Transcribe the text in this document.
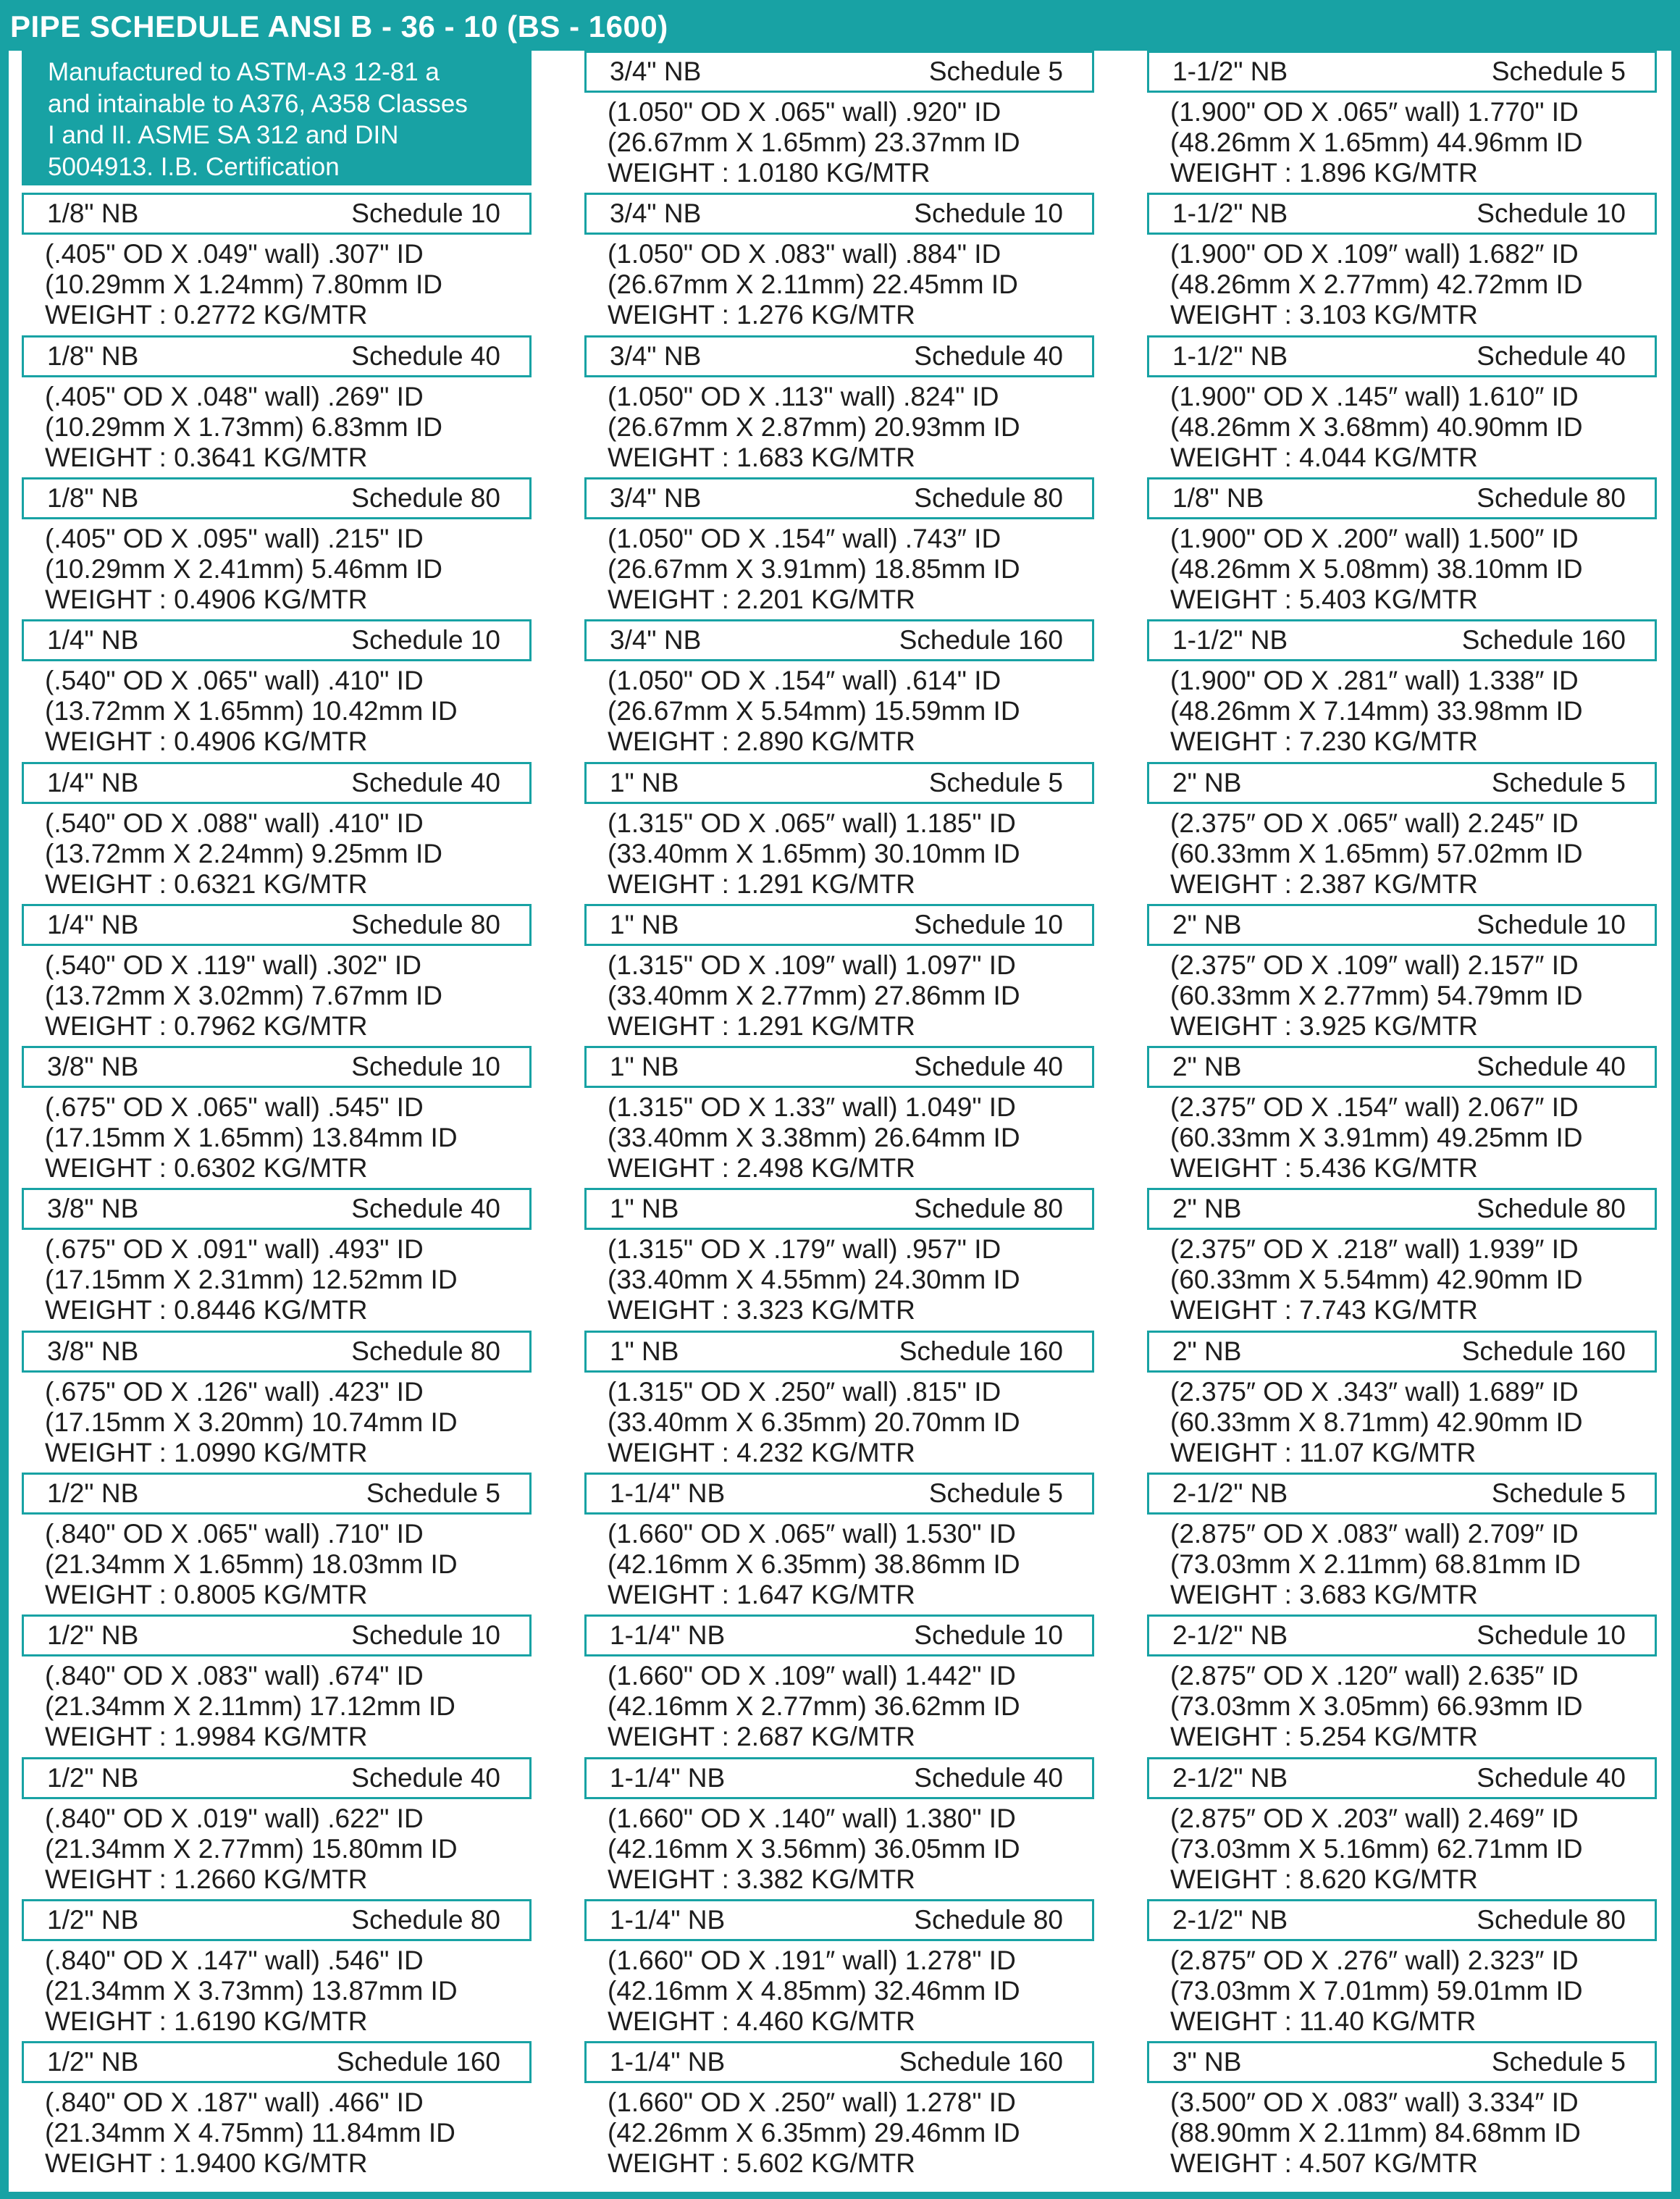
PIPE SCHEDULE ANSI B - 36 - 10 (BS - 1600)
Manufactured to ASTM-A3 12-81 a
and intainable to A376, A358 Classes
I and II. ASME SA 312 and DIN
5004913. I.B. Certification
1/8" NB	Schedule 10
(.405" OD X .049" wall) .307" ID
(10.29mm X 1.24mm) 7.80mm ID
WEIGHT : 0.2772 KG/MTR
1/8" NB	Schedule 40
(.405" OD X .048" wall) .269" ID
(10.29mm X 1.73mm) 6.83mm ID
WEIGHT : 0.3641 KG/MTR
1/8" NB	Schedule 80
(.405" OD X .095" wall) .215" ID
(10.29mm X 2.41mm) 5.46mm ID
WEIGHT : 0.4906 KG/MTR
1/4" NB	Schedule 10
(.540" OD X .065" wall) .410" ID
(13.72mm X 1.65mm) 10.42mm ID
WEIGHT : 0.4906 KG/MTR
1/4" NB	Schedule 40
(.540" OD X .088" wall) .410" ID
(13.72mm X 2.24mm) 9.25mm ID
WEIGHT : 0.6321 KG/MTR
1/4" NB	Schedule 80
(.540" OD X .119" wall) .302" ID
(13.72mm X 3.02mm) 7.67mm ID
WEIGHT : 0.7962 KG/MTR
3/8" NB	Schedule 10
(.675" OD X .065" wall) .545" ID
(17.15mm X 1.65mm) 13.84mm ID
WEIGHT : 0.6302 KG/MTR
3/8" NB	Schedule 40
(.675" OD X .091" wall) .493" ID
(17.15mm X 2.31mm) 12.52mm ID
WEIGHT : 0.8446 KG/MTR
3/8" NB	Schedule 80
(.675" OD X .126" wall) .423" ID
(17.15mm X 3.20mm) 10.74mm ID
WEIGHT : 1.0990 KG/MTR
1/2" NB	Schedule 5
(.840" OD X .065" wall) .710" ID
(21.34mm X 1.65mm) 18.03mm ID
WEIGHT : 0.8005 KG/MTR
1/2" NB	Schedule 10
(.840" OD X .083" wall) .674" ID
(21.34mm X 2.11mm) 17.12mm ID
WEIGHT : 1.9984 KG/MTR
1/2" NB	Schedule 40
(.840" OD X .019" wall) .622" ID
(21.34mm X 2.77mm) 15.80mm ID
WEIGHT : 1.2660 KG/MTR
1/2" NB	Schedule 80
(.840" OD X .147" wall) .546" ID
(21.34mm X 3.73mm) 13.87mm ID
WEIGHT : 1.6190 KG/MTR
1/2" NB	Schedule 160
(.840" OD X .187" wall) .466" ID
(21.34mm X 4.75mm) 11.84mm ID
WEIGHT : 1.9400 KG/MTR
3/4" NB	Schedule 5
(1.050" OD X .065" wall) .920" ID
(26.67mm X 1.65mm) 23.37mm ID
WEIGHT : 1.0180 KG/MTR
3/4" NB	Schedule 10
(1.050" OD X .083" wall) .884" ID
(26.67mm X 2.11mm) 22.45mm ID
WEIGHT : 1.276 KG/MTR
3/4" NB	Schedule 40
(1.050" OD X .113" wall) .824" ID
(26.67mm X 2.87mm) 20.93mm ID
WEIGHT : 1.683 KG/MTR
3/4" NB	Schedule 80
(1.050" OD X .154″ wall) .743″ ID
(26.67mm X 3.91mm) 18.85mm ID
WEIGHT : 2.201 KG/MTR
3/4" NB	Schedule 160
(1.050" OD X .154″ wall) .614" ID
(26.67mm X 5.54mm) 15.59mm ID
WEIGHT : 2.890 KG/MTR
1" NB	Schedule 5
(1.315" OD X .065″ wall) 1.185" ID
(33.40mm X 1.65mm) 30.10mm ID
WEIGHT : 1.291 KG/MTR
1" NB	Schedule 10
(1.315" OD X .109″ wall) 1.097" ID
(33.40mm X 2.77mm) 27.86mm ID
WEIGHT : 1.291 KG/MTR
1" NB	Schedule 40
(1.315" OD X 1.33″ wall) 1.049" ID
(33.40mm X 3.38mm) 26.64mm ID
WEIGHT : 2.498 KG/MTR
1" NB	Schedule 80
(1.315" OD X .179″ wall) .957" ID
(33.40mm X 4.55mm) 24.30mm ID
WEIGHT : 3.323 KG/MTR
1" NB	Schedule 160
(1.315" OD X .250″ wall) .815" ID
(33.40mm X 6.35mm) 20.70mm ID
WEIGHT : 4.232 KG/MTR
1-1/4" NB	Schedule 5
(1.660" OD X .065″ wall) 1.530" ID
(42.16mm X 6.35mm) 38.86mm ID
WEIGHT : 1.647 KG/MTR
1-1/4" NB	Schedule 10
(1.660" OD X .109″ wall) 1.442" ID
(42.16mm X 2.77mm) 36.62mm ID
WEIGHT : 2.687 KG/MTR
1-1/4" NB	Schedule 40
(1.660" OD X .140″ wall) 1.380" ID
(42.16mm X 3.56mm) 36.05mm ID
WEIGHT : 3.382 KG/MTR
1-1/4" NB	Schedule 80
(1.660" OD X .191″ wall) 1.278" ID
(42.16mm X 4.85mm) 32.46mm ID
WEIGHT : 4.460 KG/MTR
1-1/4" NB	Schedule 160
(1.660" OD X .250″ wall) 1.278" ID
(42.26mm X 6.35mm) 29.46mm ID
WEIGHT : 5.602 KG/MTR
1-1/2" NB	Schedule 5
(1.900" OD X .065″ wall) 1.770" ID
(48.26mm X 1.65mm) 44.96mm ID
WEIGHT : 1.896 KG/MTR
1-1/2" NB	Schedule 10
(1.900" OD X .109″ wall) 1.682″ ID
(48.26mm X 2.77mm) 42.72mm ID
WEIGHT : 3.103 KG/MTR
1-1/2" NB	Schedule 40
(1.900" OD X .145″ wall) 1.610″ ID
(48.26mm X 3.68mm) 40.90mm ID
WEIGHT : 4.044 KG/MTR
1/8" NB	Schedule 80
(1.900" OD X .200″ wall) 1.500″ ID
(48.26mm X 5.08mm) 38.10mm ID
WEIGHT : 5.403 KG/MTR
1-1/2" NB	Schedule 160
(1.900" OD X .281″ wall) 1.338″ ID
(48.26mm X 7.14mm) 33.98mm ID
WEIGHT : 7.230 KG/MTR
2" NB	Schedule 5
(2.375″ OD X .065″ wall) 2.245″ ID
(60.33mm X 1.65mm) 57.02mm ID
WEIGHT : 2.387 KG/MTR
2" NB	Schedule 10
(2.375″ OD X .109″ wall) 2.157″ ID
(60.33mm X 2.77mm) 54.79mm ID
WEIGHT : 3.925 KG/MTR
2" NB	Schedule 40
(2.375″ OD X .154″ wall) 2.067″ ID
(60.33mm X 3.91mm) 49.25mm ID
WEIGHT : 5.436 KG/MTR
2" NB	Schedule 80
(2.375″ OD X .218″ wall) 1.939″ ID
(60.33mm X 5.54mm) 42.90mm ID
WEIGHT : 7.743 KG/MTR
2" NB	Schedule 160
(2.375″ OD X .343″ wall) 1.689″ ID
(60.33mm X 8.71mm) 42.90mm ID
WEIGHT : 11.07 KG/MTR
2-1/2" NB	Schedule 5
(2.875″ OD X .083″ wall) 2.709″ ID
(73.03mm X 2.11mm) 68.81mm ID
WEIGHT : 3.683 KG/MTR
2-1/2" NB	Schedule 10
(2.875″ OD X .120″ wall) 2.635″ ID
(73.03mm X 3.05mm) 66.93mm ID
WEIGHT : 5.254 KG/MTR
2-1/2" NB	Schedule 40
(2.875″ OD X .203″ wall) 2.469″ ID
(73.03mm X 5.16mm) 62.71mm ID
WEIGHT : 8.620 KG/MTR
2-1/2" NB	Schedule 80
(2.875″ OD X .276″ wall) 2.323″ ID
(73.03mm X 7.01mm) 59.01mm ID
WEIGHT : 11.40 KG/MTR
3" NB	Schedule 5
(3.500″ OD X .083″ wall) 3.334″ ID
(88.90mm X 2.11mm) 84.68mm ID
WEIGHT : 4.507 KG/MTR
